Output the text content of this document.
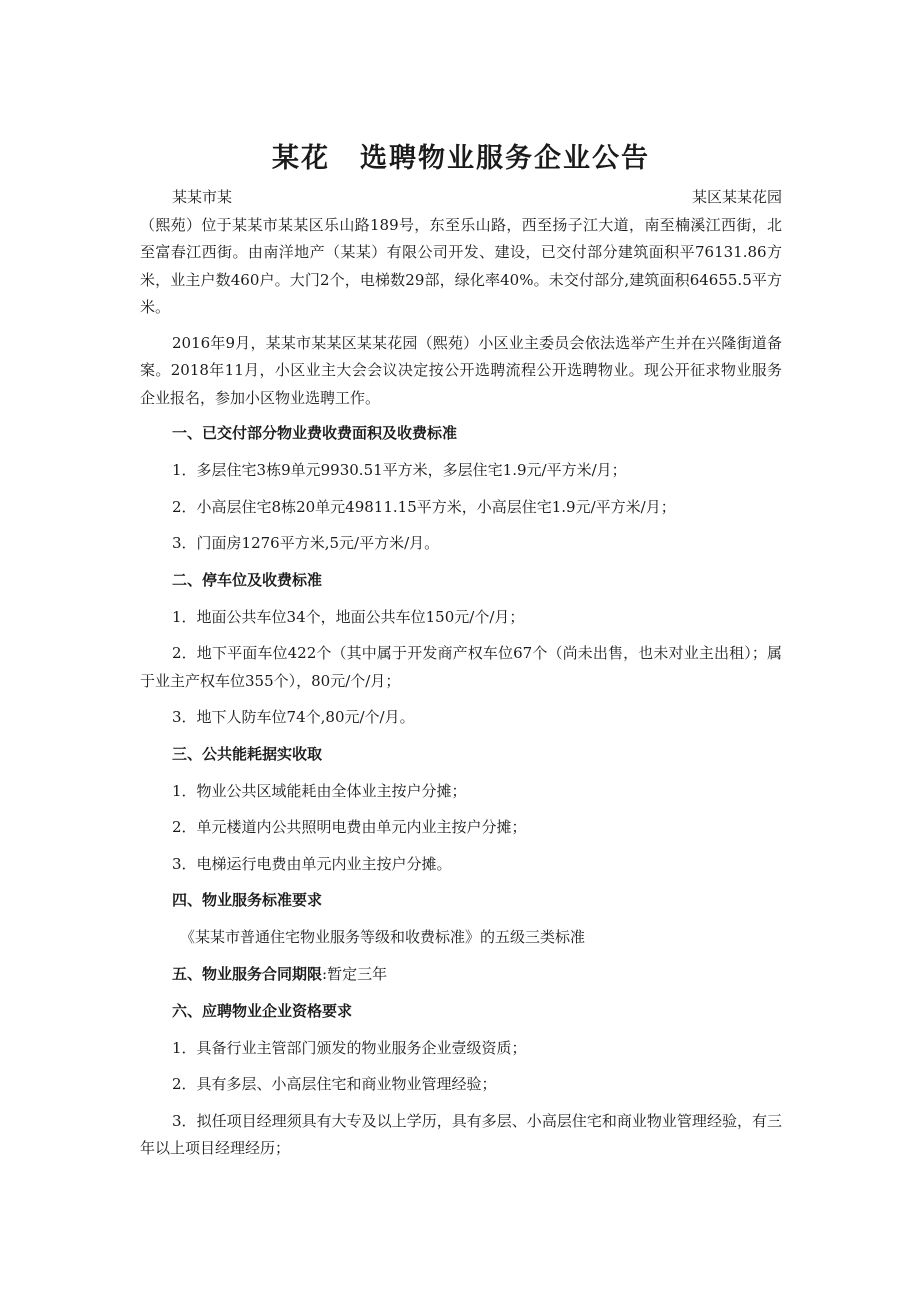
某花 选聘物业服务企业公告
某某市某	某区某某花园
（熙苑）位于某某市某某区乐山路189号，东至乐山路，西至扬子江大道，南至楠溪江西街，北至富春江西街。由南洋地产（某某）有限公司开发、建设，已交付部分建筑面积平76131.86方米，业主户数460户。大门2个，电梯数29部，绿化率40%。未交付部分,建筑面积64655.5平方米。
2016年9月，某某市某某区某某花园（熙苑）小区业主委员会依法选举产生并在兴隆街道备案。2018年11月，小区业主大会会议决定按公开选聘流程公开选聘物业。现公开征求物业服务企业报名，参加小区物业选聘工作。
一、已交付部分物业费收费面积及收费标准
1．多层住宅3栋9单元9930.51平方米，多层住宅1.9元/平方米/月；
2．小高层住宅8栋20单元49811.15平方米，小高层住宅1.9元/平方米/月；
3．门面房1276平方米,5元/平方米/月。
二、停车位及收费标准
1．地面公共车位34个，地面公共车位150元/个/月；
2．地下平面车位422个（其中属于开发商产权车位67个（尚未出售，也未对业主出租）；属于业主产权车位355个），80元/个/月；
3．地下人防车位74个,80元/个/月。
三、公共能耗据实收取
1．物业公共区域能耗由全体业主按户分摊；
2．单元楼道内公共照明电费由单元内业主按户分摊；
3．电梯运行电费由单元内业主按户分摊。
四、物业服务标准要求
《某某市普通住宅物业服务等级和收费标准》的五级三类标准
五、物业服务合同期限:暂定三年
六、应聘物业企业资格要求
1．具备行业主管部门颁发的物业服务企业壹级资质；
2．具有多层、小高层住宅和商业物业管理经验；
3．拟任项目经理须具有大专及以上学历，具有多层、小高层住宅和商业物业管理经验，有三年以上项目经理经历；
